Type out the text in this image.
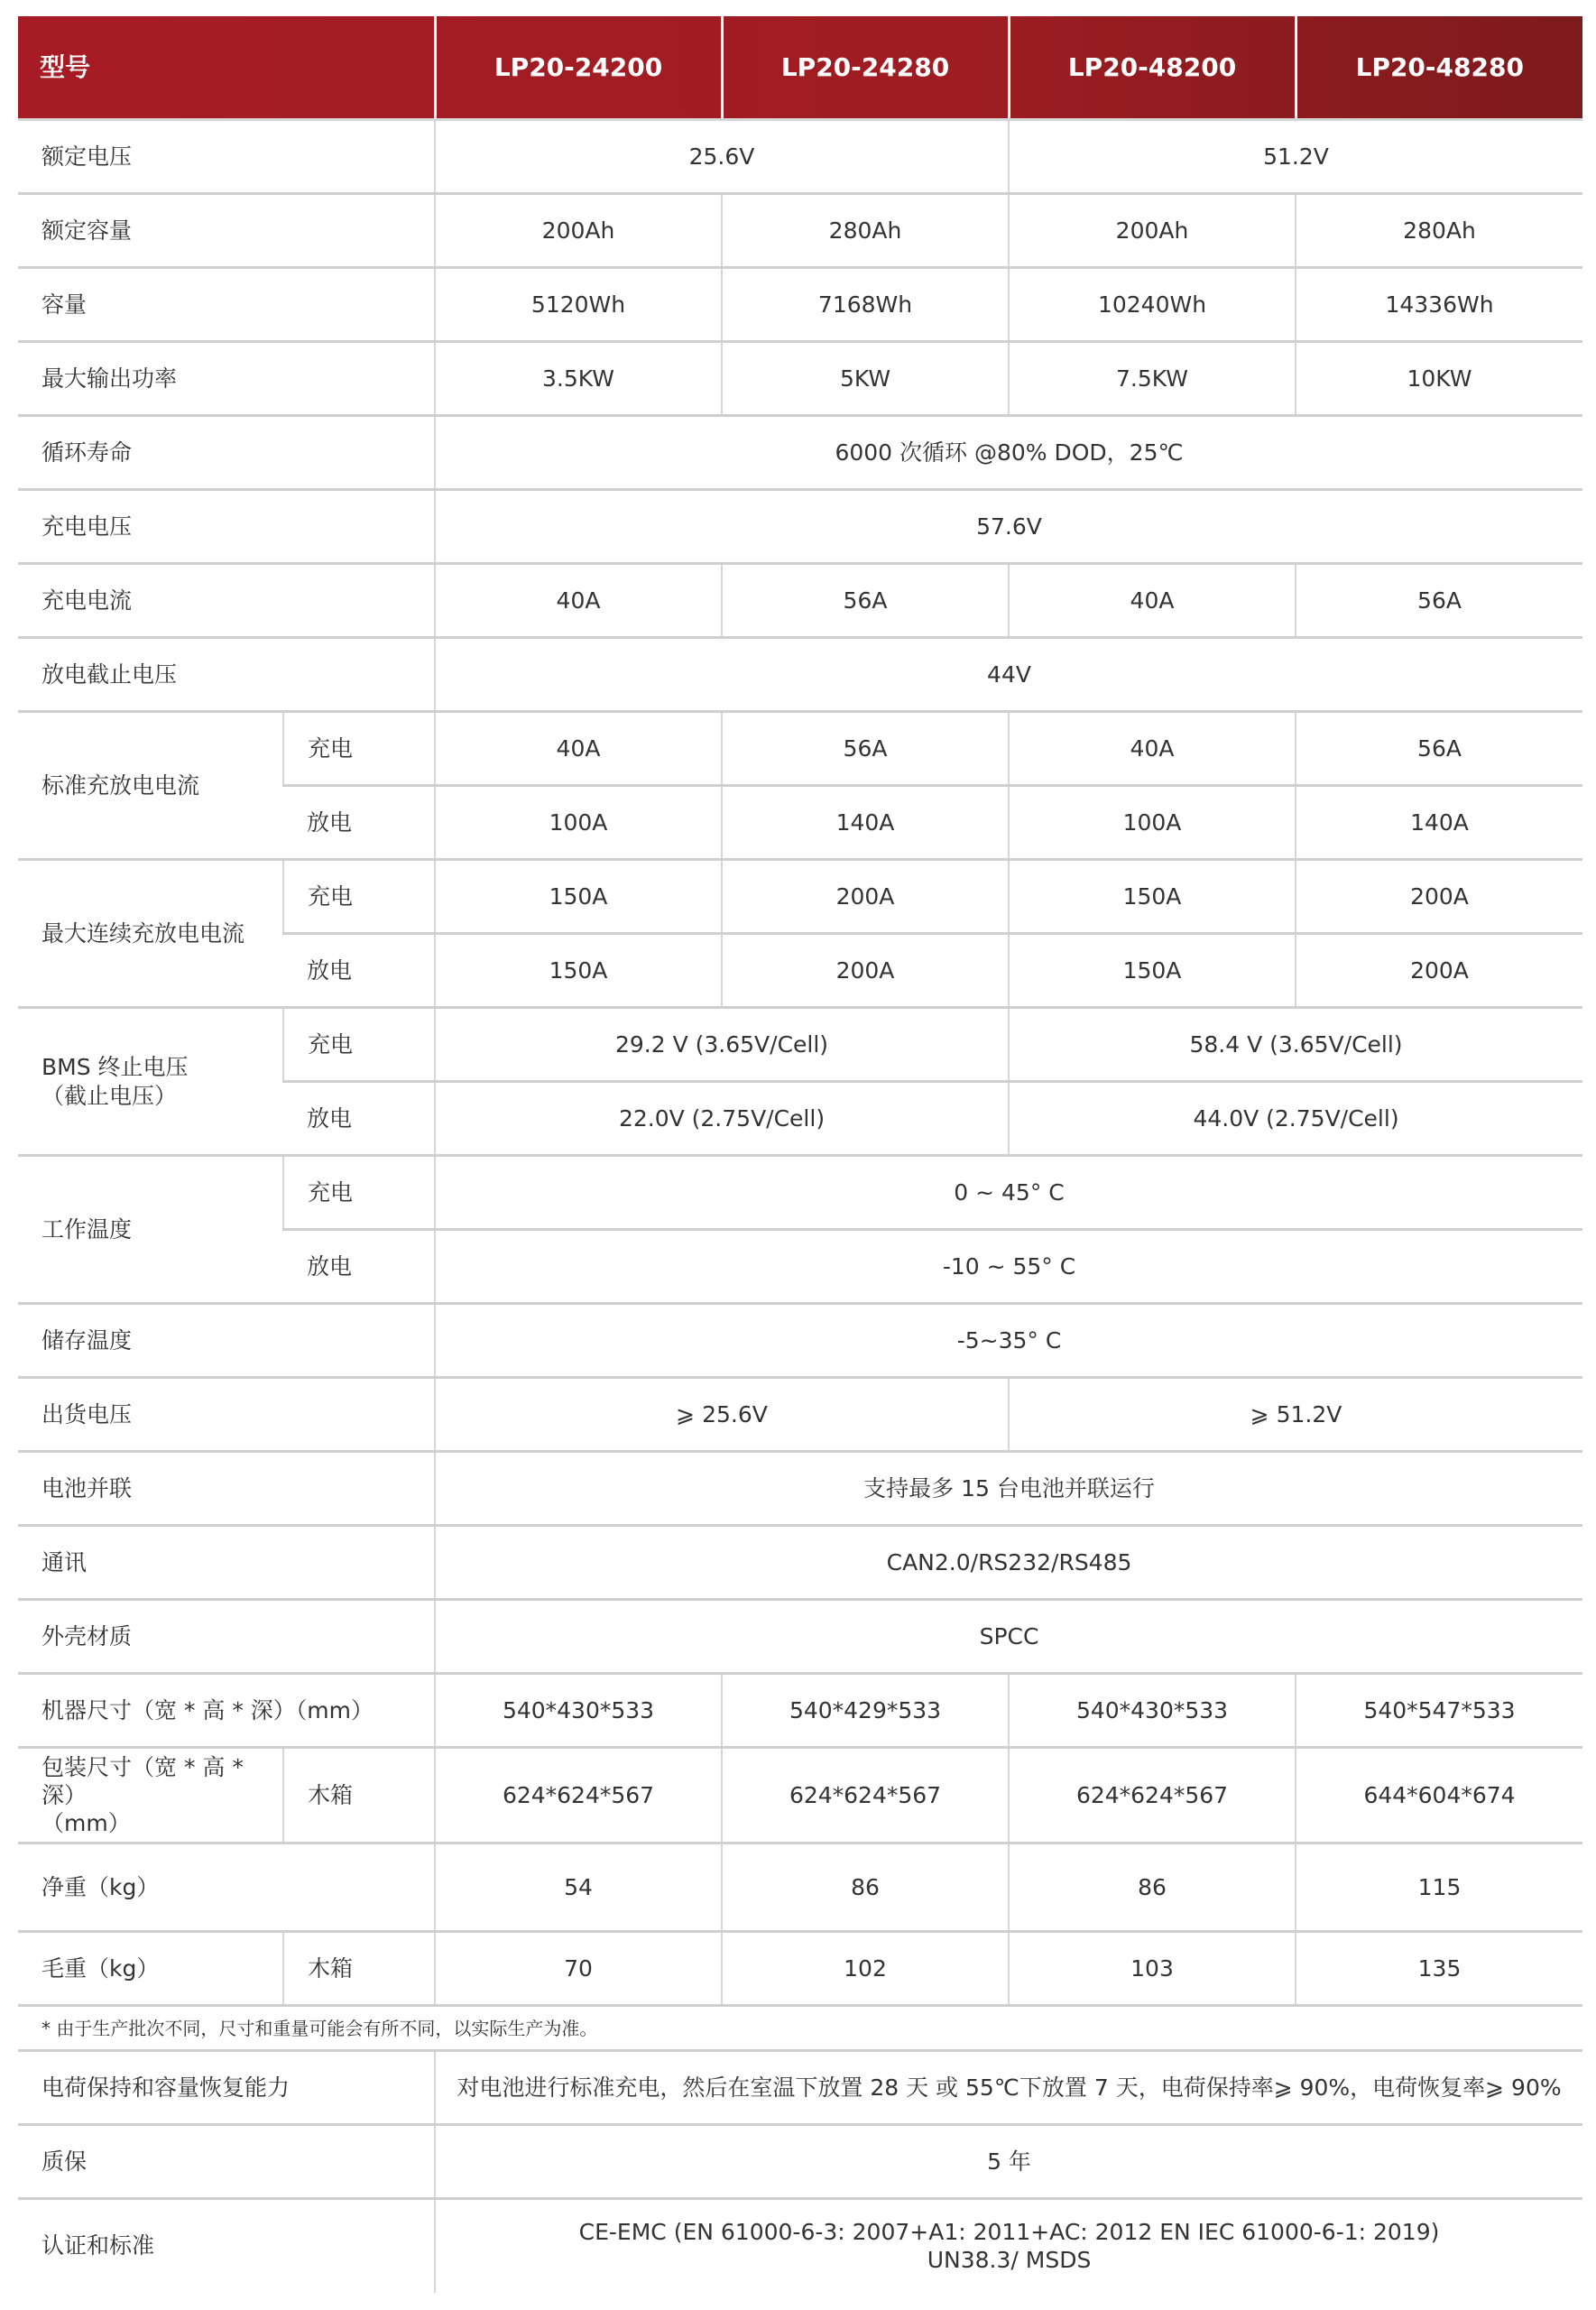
型号		LP20-24200	LP20-24280	LP20-48200	LP20-48280
额定电压		25.6V		51.2V	
额定容量		200Ah	280Ah	200Ah	280Ah
容量		5120Wh	7168Wh	10240Wh	14336Wh
最大输出功率		3.5KW	5KW	7.5KW	10KW
循环寿命		6000 次循环 @80% DOD，25℃			
充电电压		57.6V			
充电电流		40A	56A	40A	56A
放电截止电压		44V			
标准充放电电流	充电	40A	56A	40A	56A
	放电	100A	140A	100A	140A
最大连续充放电电流	充电	150A	200A	150A	200A
	放电	150A	200A	150A	200A

BMS 终止电压
（截止电压）	充电	29.2 V (3.65V/Cell)		58.4 V (3.65V/Cell)	
	放电	22.0V (2.75V/Cell)		44.0V (2.75V/Cell)	
工作温度	充电	0 ~ 45° C			
	放电	-10 ~ 55° C			
储存温度		-5~35° C			
出货电压		⩾ 25.6V		⩾ 51.2V	
电池并联		支持最多 15 台电池并联运行			
通讯		CAN2.0/RS232/RS485			
外壳材质		SPCC			
机器尺寸（宽 * 高 * 深）（mm）		540*430*533	540*429*533	540*430*533	540*547*533

包装尺寸（宽 * 高 * 深）
（mm）	木箱	624*624*567	624*624*567	624*624*567	644*604*674
净重（kg）		54	86	86	115
毛重（kg）	木箱	70	102	103	135
* 由于生产批次不同，尺寸和重量可能会有所不同，以实际生产为准。					
电荷保持和容量恢复能力		对电池进行标准充电，然后在室温下放置 28 天 或 55℃下放置 7 天，电荷保持率⩾ 90%，电荷恢复率⩾ 90%			
质保		5 年			
认证和标准		CE-EMC (EN 61000-6-3: 2007+A1: 2011+AC: 2012 EN IEC 61000-6-1: 2019)
UN38.3/ MSDS			
